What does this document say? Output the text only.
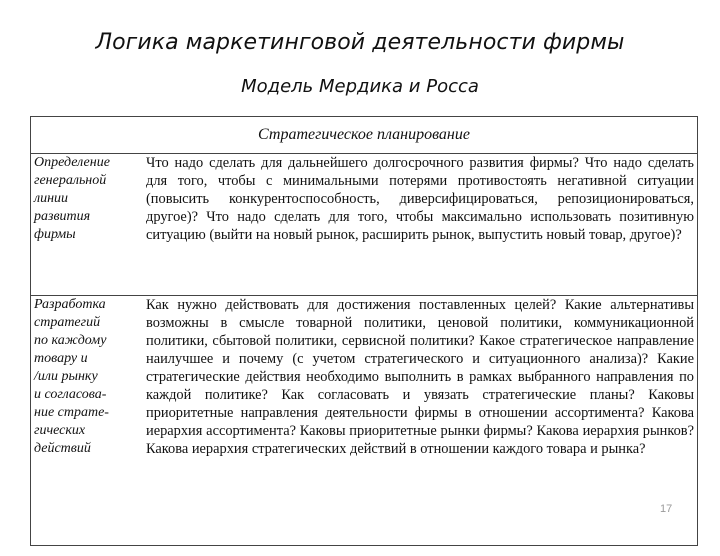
Логика маркетинговой деятельности фирмы
Модель Мердика и Росса
Стратегическое планирование
Определение
генеральной
линии
развития
фирмы
Что надо сделать для дальнейшего долгосрочного развития фирмы? Что надо сделать для того, чтобы с минимальными потерями противостоять негативной ситуации (повысить конкурентоспособность, диверсифицироваться, репозиционироваться, другое)? Что надо сделать для того, чтобы максимально использовать позитивную ситуацию (выйти на новый рынок, расширить рынок, выпустить новый товар, другое)?
Разработка
стратегий
по каждому
товару и
/или рынку
и согласова-
ние страте-
гических
действий
Как нужно действовать для достижения поставленных целей? Какие альтернативы возможны в смысле товарной политики, ценовой политики, коммуникационной политики, сбытовой политики, сервисной политики? Какое стратегическое направление наилучшее и почему (с учетом стратегического и ситуационного анализа)? Какие стратегические действия необходимо выполнить в рамках выбранного направления по каждой политике? Как согласовать и увязать стратегические планы? Каковы приоритетные направления деятельности фирмы в отношении ассортимента? Какова иерархия ассортимента? Каковы приоритетные рынки фирмы? Какова иерархия рынков? Какова иерархия стратегических действий в отношении каждого товара и рынка?
17
